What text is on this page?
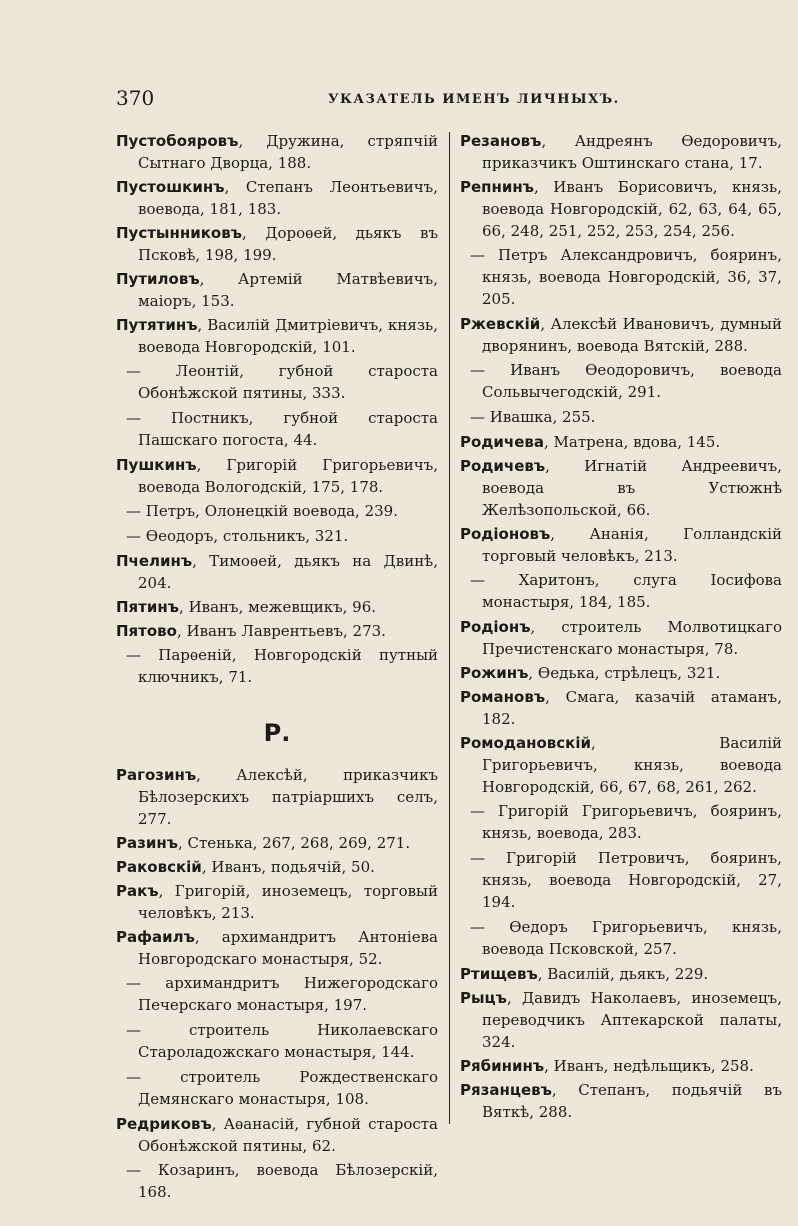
370	УКАЗАТЕЛЬ ИМЕНЪ ЛИЧНЫХЪ.

Пустобояровъ, Дружина, стряпчій Сытнаго Дворца, 188.

Пустошкинъ, Степанъ Леонтьевичъ, воевода, 181, 183.

Пустынниковъ, Дороѳей, дьякъ въ Псковѣ, 198, 199.

Путиловъ, Артемій Матвѣевичъ, маіоръ, 153.

Путятинъ, Василій Дмитріевичъ, князь, воевода Новгородскій, 101.

— Леонтій, губной староста Обонѣжской пятины, 333.

— Постникъ, губной староста Пашскаго погоста, 44.

Пушкинъ, Григорій Григорьевичъ, воевода Вологодскій, 175, 178.

— Петръ, Олонецкій воевода, 239.

— Ѳеодоръ, стольникъ, 321.

Пчелинъ, Тимоѳей, дьякъ на Двинѣ, 204.

Пятинъ, Иванъ, межевщикъ, 96.

Пятово, Иванъ Лаврентьевъ, 273.

— Парѳеній, Новгородскій путный ключникъ, 71.

Р.

Рагозинъ, Алексѣй, приказчикъ Бѣлозерскихъ патріаршихъ селъ, 277.

Разинъ, Стенька, 267, 268, 269, 271.

Раковскій, Иванъ, подьячій, 50.

Ракъ, Григорій, иноземецъ, торговый человѣкъ, 213.

Рафаилъ, архимандритъ Антоніева Новгородскаго монастыря, 52.

— архимандритъ Нижегородскаго Печерскаго монастыря, 197.

— строитель Николаевскаго Староладожскаго монастыря, 144.

— строитель Рождественскаго Демянскаго монастыря, 108.

Редриковъ, Аѳанасій, губной староста Обонѣжской пятины, 62.

— Козаринъ, воевода Бѣлозерскій, 168.

Резановъ, Андреянъ Ѳедоровичъ, приказчикъ Оштинскаго стана, 17.

Репнинъ, Иванъ Борисовичъ, князь, воевода Новгородскій, 62, 63, 64, 65, 66, 248, 251, 252, 253, 254, 256.

— Петръ Александровичъ, бояринъ, князь, воевода Новгородскій, 36, 37, 205.

Ржевскій, Алексѣй Ивановичъ, думный дворянинъ, воевода Вятскій, 288.

— Иванъ Ѳеодоровичъ, воевода Сольвычегодскій, 291.

— Ивашка, 255.

Родичева, Матрена, вдова, 145.

Родичевъ, Игнатій Андреевичъ, воевода въ Устюжнѣ Желѣзопольской, 66.

Родіоновъ, Ананія, Голландскій торговый человѣкъ, 213.

— Харитонъ, слуга Іосифова монастыря, 184, 185.

Родіонъ, строитель Молвотицкаго Пречистенскаго монастыря, 78.

Рожинъ, Ѳедька, стрѣлецъ, 321.

Романовъ, Смага, казачій атаманъ, 182.

Ромодановскій, Василій Григорьевичъ, князь, воевода Новгородскій, 66, 67, 68, 261, 262.

— Григорій Григорьевичъ, бояринъ, князь, воевода, 283.

— Григорій Петровичъ, бояринъ, князь, воевода Новгородскій, 27, 194.

— Ѳедоръ Григорьевичъ, князь, воевода Псковской, 257.

Ртищевъ, Василій, дьякъ, 229.

Рыцъ, Давидъ Наколаевъ, иноземецъ, переводчикъ Аптекарской палаты, 324.

Рябининъ, Иванъ, недѣльщикъ, 258.

Рязанцевъ, Степанъ, подьячій въ Вяткѣ, 288.
